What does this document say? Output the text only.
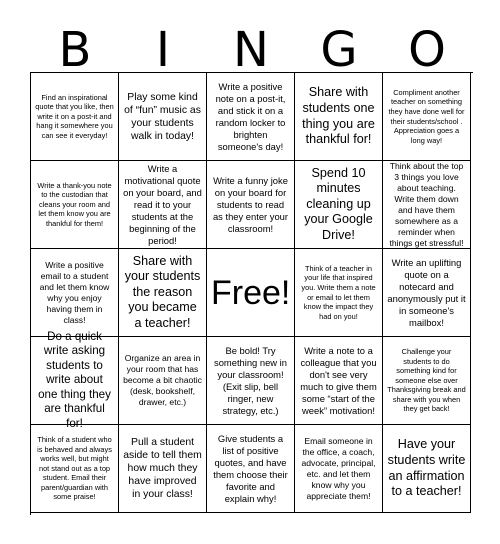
B	I	N G O
Find an inspirational quote that you like, then write it on a post-it and hang it somewhere you can see it everyday!
Play some kind of “fun” music as your students walk in today!
Write a positive note on a post-it, and stick it on a random locker to brighten someone's day!
Share with students one thing you are thankful for!
Compliment another teacher on something they have done well for their students/school . Appreciation goes a long way!
Write a thank-you note to the custodian that cleans your room and let them know you are thankful for them!
Write a motivational quote on your board, and read it to your students at the beginning of the period!
Write a funny joke on your board for students to read as they enter your classroom!
Spend 10 minutes cleaning up your Google Drive!
Think about the top 3 things you love about teaching. Write them down and have them somewhere as a reminder when things get stressful!
Write a positive email to a student and let them know why you enjoy having them in class!
Share with your students the reason you became a teacher!
Free!
Think of a teacher in your life that inspired you. Write them a note or email to let them know the impact they had on you!
Write an uplifting quote on a notecard and anonymously put it in someone's mailbox!
Do a quick write asking students to write about one thing they are thankful for!
Organize an area in your room that has become a bit chaotic (desk, bookshelf, drawer, etc.)
Be bold! Try something new in your classroom! (Exit slip, bell ringer, new strategy, etc.)
Write a note to a colleague that you don't see very much to give them some “start of the week” motivation!
Challenge your students to do something kind for someone else over Thanksgiving break and share with you when they get back!
Think of a student who is behaved and always works well, but might not stand out as a top student. Email their parent/guardian with some praise!
Pull a student aside to tell them how much they have improved in your class!
Give students a list of positive quotes, and have them choose their favorite and explain why!
Email someone in the office, a coach, advocate, principal, etc. and let them know why you appreciate them!
Have your students write an affirmation to a teacher!
